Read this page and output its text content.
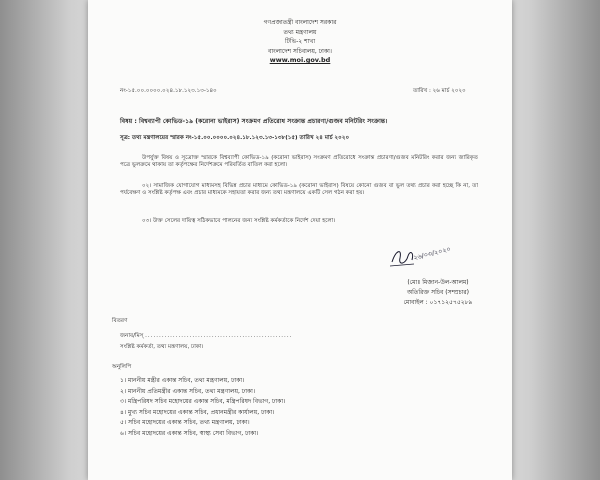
গণপ্রজাতন্ত্রী বাংলাদেশ সরকার
তথ্য মন্ত্রণালয়
টিভি-২ শাখা
বাংলাদেশ সচিবালয়, ঢাকা।
www.moi.gov.bd
নং-১৫.০০.০০০০.০২৪.১৮.১২৩.১৩-১৪০	তারিখ : ২৬ মার্চ ২০২০
বিষয় : বিশ্বব্যাপী কোভিড-১৯ (করোনা ভাইরাস) সংক্রমণ প্রতিরোধ সংক্রান্ত প্রচারণা/গুজব মনিটরিং সংক্রান্ত।
সূত্র: তথ্য মন্ত্রণালয়ের স্মারক নং-১৫.০০.০০০০.০২৪.১৮.১২৩.১৩-১৩৮(১৫) তারিখ ২৪ মার্চ ২০২০
উপর্যুক্ত বিষয় ও সূত্রোক্ত স্মারকে বিশ্বব্যাপী কোভিড-১৯ (করোনা ভাইরাস) সংক্রমণ প্রতিরোধে সংক্রান্ত প্রচারণা/গুজব মনিটরিং করার জন্য জারিকৃত পত্রে ভুলক্রমে থাকায় তা কর্তৃপক্ষের নির্দেশক্রমে পরিবর্তিত বাতিল করা হলো।
০২। সামাজিক যোগাযোগ মাধ্যমসহ বিভিন্ন প্রচার মাধ্যমে কোভিড-১৯ (করোনা ভাইরাস) বিষয়ে কোনো গুজব বা ভুল তথ্য প্রচার করা হচ্ছে কি না, তা পর্যবেক্ষণ ও সংশ্লিষ্ট কর্তৃপক্ষ এবং প্রচার মাধ্যমকে সহায়তা করার জন্য তথ্য মন্ত্রণালয়ে একটি সেল গঠন করা হয়।
০৩। উক্ত সেলের দায়িত্ব সঠিকভাবে পালনের জন্য সংশ্লিষ্ট কর্মকর্তাকে নির্দেশ দেয়া হলো।
২৬/০৩/২০২০
(মোঃ মিজান-উল-আলম)
অতিরিক্ত সচিব (সম্প্রচার)
মোবাইল : ০১৭১২৫৭৫২৮৯
বিতরণ
জনাব/মিস্ .....................................................
সংশ্লিষ্ট কর্মকর্তা, তথ্য মন্ত্রণালয়, ঢাকা।
অনুলিপি
১। মাননীয় মন্ত্রীর একান্ত সচিব, তথ্য মন্ত্রণালয়, ঢাকা।
২। মাননীয় প্রতিমন্ত্রীর একান্ত সচিব, তথ্য মন্ত্রণালয়, ঢাকা।
৩। মন্ত্রিপরিষদ সচিব মহোদয়ের একান্ত সচিব, মন্ত্রিপরিষদ বিভাগ, ঢাকা।
৪। মুখ্য সচিব মহোদয়ের একান্ত সচিব, প্রধানমন্ত্রীর কার্যালয়, ঢাকা।
৫। সচিব মহোদয়ের একান্ত সচিব, তথ্য মন্ত্রণালয়, ঢাকা।
৬। সচিব মহোদয়ের একান্ত সচিব, স্বাস্থ্য সেবা বিভাগ, ঢাকা।
